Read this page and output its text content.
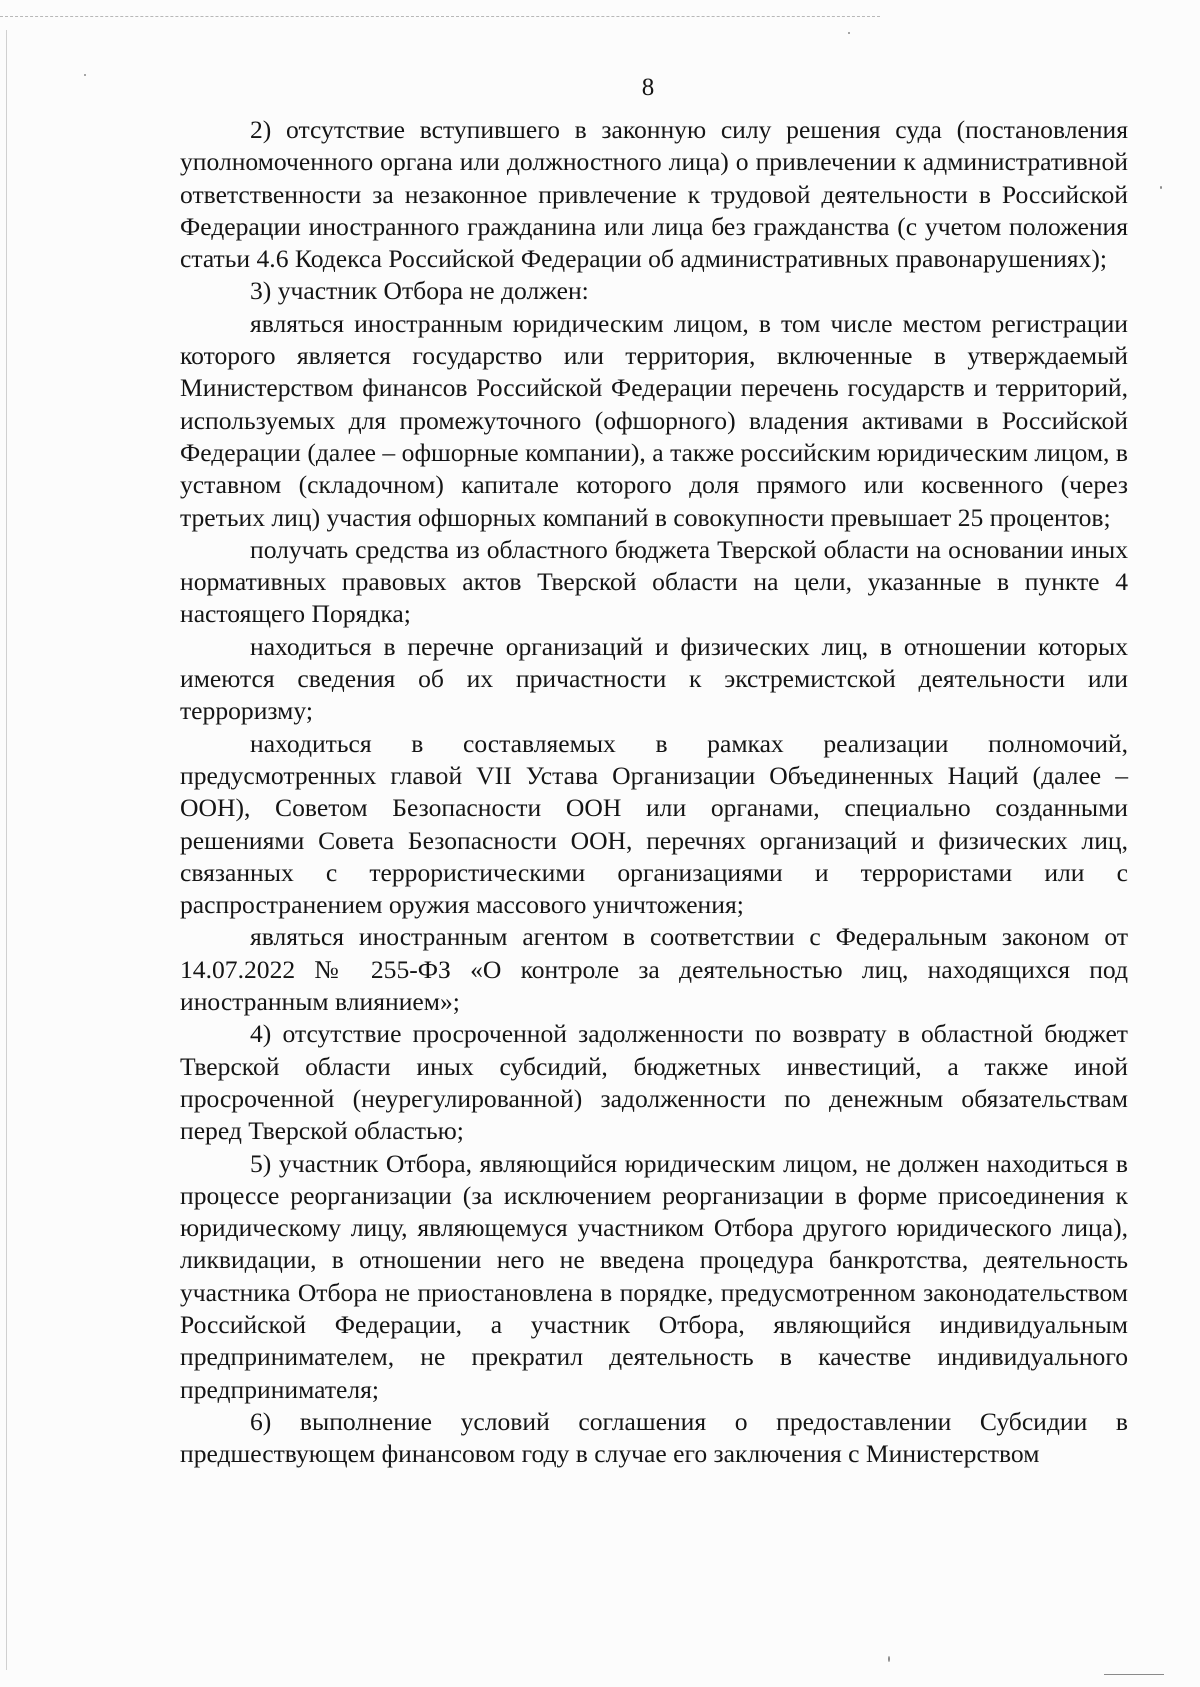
8

2) отсутствие вступившего в законную силу решения суда (постановления уполномоченного органа или должностного лица) о привлечении к административной ответственности за незаконное привлечение к трудовой деятельности в Российской Федерации иностранного гражданина или лица без гражданства (с учетом положения статьи 4.6 Кодекса Российской Федерации об административных правонарушениях);

3) участник Отбора не должен:

являться иностранным юридическим лицом, в том числе местом регистрации которого является государство или территория, включенные в утверждаемый Министерством финансов Российской Федерации перечень государств и территорий, используемых для промежуточного (офшорного) владения активами в Российской Федерации (далее – офшорные компании), а также российским юридическим лицом, в уставном (складочном) капитале которого доля прямого или косвенного (через третьих лиц) участия офшорных компаний в совокупности превышает 25 процентов;

получать средства из областного бюджета Тверской области на основании иных нормативных правовых актов Тверской области на цели, указанные в пункте 4 настоящего Порядка;

находиться в перечне организаций и физических лиц, в отношении которых имеются сведения об их причастности к экстремистской деятельности или терроризму;

находиться в составляемых в рамках реализации полномочий, предусмотренных главой VII Устава Организации Объединенных Наций (далее – ООН), Советом Безопасности ООН или органами, специально созданными решениями Совета Безопасности ООН, перечнях организаций и физических лиц, связанных с террористическими организациями и террористами или с распространением оружия массового уничтожения;

являться иностранным агентом в соответствии с Федеральным законом от 14.07.2022 № 255-ФЗ «О контроле за деятельностью лиц, находящихся под иностранным влиянием»;

4) отсутствие просроченной задолженности по возврату в областной бюджет Тверской области иных субсидий, бюджетных инвестиций, а также иной просроченной (неурегулированной) задолженности по денежным обязательствам перед Тверской областью;

5) участник Отбора, являющийся юридическим лицом, не должен находиться в процессе реорганизации (за исключением реорганизации в форме присоединения к юридическому лицу, являющемуся участником Отбора другого юридического лица), ликвидации, в отношении него не введена процедура банкротства, деятельность участника Отбора не приостановлена в порядке, предусмотренном законодательством Российской Федерации, а участник Отбора, являющийся индивидуальным предпринимателем, не прекратил деятельность в качестве индивидуального предпринимателя;

6) выполнение условий соглашения о предоставлении Субсидии в предшествующем финансовом году в случае его заключения с Министерством
